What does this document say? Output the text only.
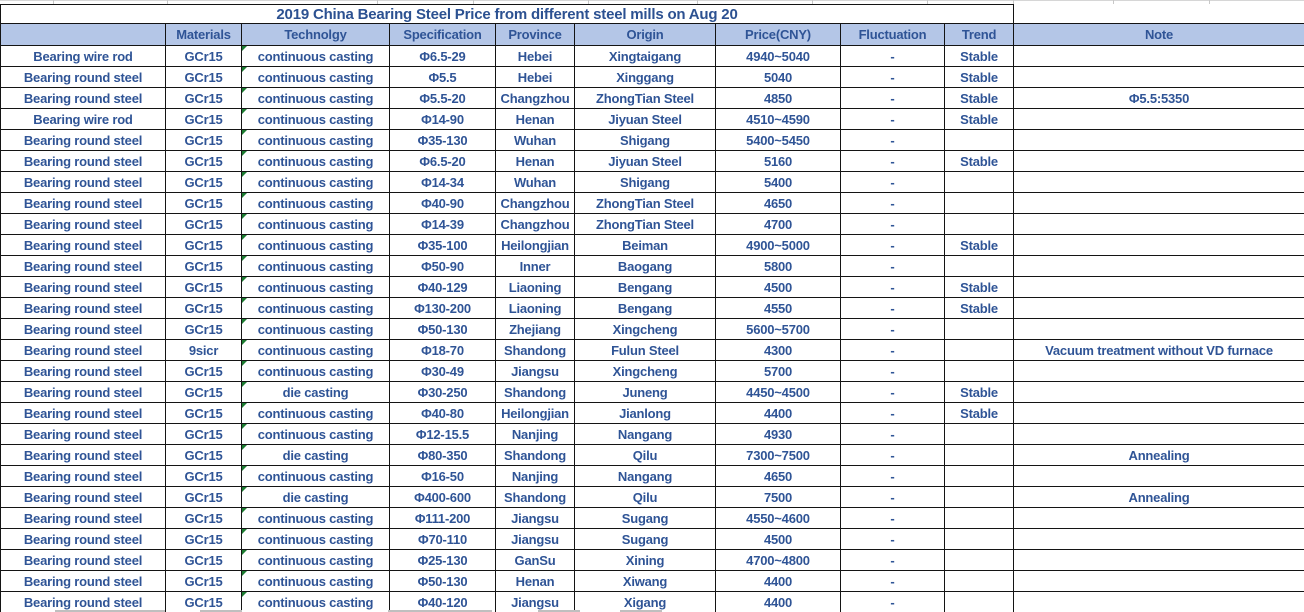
2019 China Bearing Steel Price from different steel mills on Aug 20									
	Materials	Technolgy	Specification	Province	Origin	Price(CNY)	Fluctuation	Trend	Note
Bearing wire rod	GCr15	continuous casting	Φ6.5-29	Hebei	Xingtaigang	4940~5040	-	Stable	
Bearing round steel	GCr15	continuous casting	Φ5.5	Hebei	Xinggang	5040	-	Stable	
Bearing round steel	GCr15	continuous casting	Φ5.5-20	Changzhou	ZhongTian Steel	4850	-	Stable	Φ5.5:5350
Bearing wire rod	GCr15	continuous casting	Φ14-90	Henan	Jiyuan Steel	4510~4590	-	Stable	
Bearing round steel	GCr15	continuous casting	Φ35-130	Wuhan	Shigang	5400~5450	-		
Bearing round steel	GCr15	continuous casting	Φ6.5-20	Henan	Jiyuan Steel	5160	-	Stable	
Bearing round steel	GCr15	continuous casting	Φ14-34	Wuhan	Shigang	5400	-		
Bearing round steel	GCr15	continuous casting	Φ40-90	Changzhou	ZhongTian Steel	4650	-		
Bearing round steel	GCr15	continuous casting	Φ14-39	Changzhou	ZhongTian Steel	4700	-		
Bearing round steel	GCr15	continuous casting	Φ35-100	Heilongjian	Beiman	4900~5000	-	Stable	
Bearing round steel	GCr15	continuous casting	Φ50-90	Inner	Baogang	5800	-		
Bearing round steel	GCr15	continuous casting	Φ40-129	Liaoning	Bengang	4500	-	Stable	
Bearing round steel	GCr15	continuous casting	Φ130-200	Liaoning	Bengang	4550	-	Stable	
Bearing round steel	GCr15	continuous casting	Φ50-130	Zhejiang	Xingcheng	5600~5700	-		
Bearing round steel	9sicr	continuous casting	Φ18-70	Shandong	Fulun Steel	4300	-		Vacuum treatment without VD furnace
Bearing round steel	GCr15	continuous casting	Φ30-49	Jiangsu	Xingcheng	5700	-		
Bearing round steel	GCr15	die casting	Φ30-250	Shandong	Juneng	4450~4500	-	Stable	
Bearing round steel	GCr15	continuous casting	Φ40-80	Heilongjian	Jianlong	4400	-	Stable	
Bearing round steel	GCr15	continuous casting	Φ12-15.5	Nanjing	Nangang	4930	-		
Bearing round steel	GCr15	die casting	Φ80-350	Shandong	Qilu	7300~7500	-		Annealing
Bearing round steel	GCr15	continuous casting	Φ16-50	Nanjing	Nangang	4650	-		
Bearing round steel	GCr15	die casting	Φ400-600	Shandong	Qilu	7500	-		Annealing
Bearing round steel	GCr15	continuous casting	Φ111-200	Jiangsu	Sugang	4550~4600	-		
Bearing round steel	GCr15	continuous casting	Φ70-110	Jiangsu	Sugang	4500	-		
Bearing round steel	GCr15	continuous casting	Φ25-130	GanSu	Xining	4700~4800	-		
Bearing round steel	GCr15	continuous casting	Φ50-130	Henan	Xiwang	4400	-		
Bearing round steel	GCr15	continuous casting	Φ40-120	Jiangsu	Xigang	4400	-		
